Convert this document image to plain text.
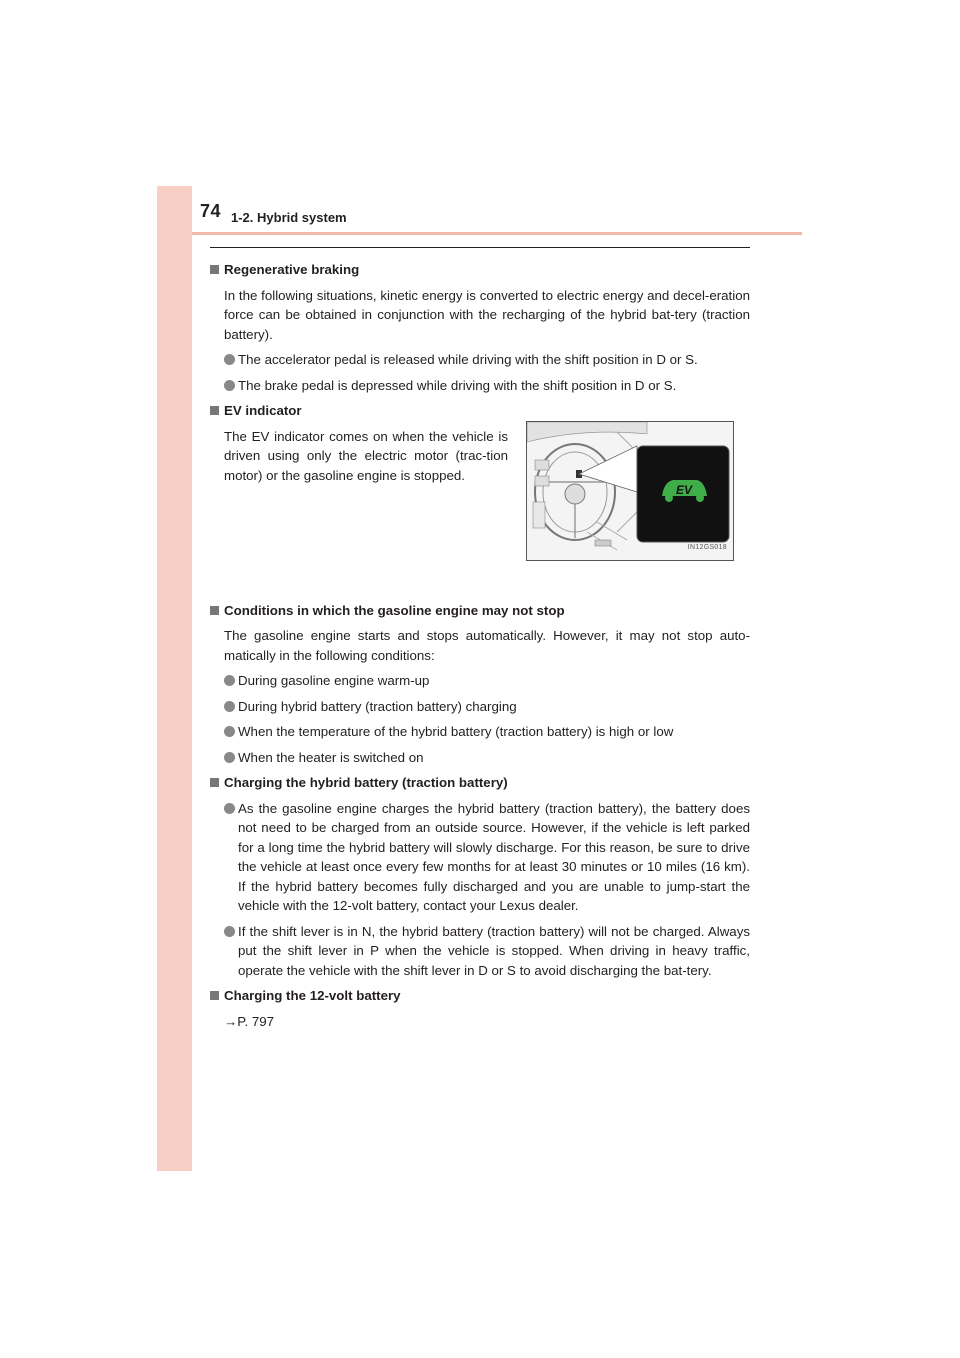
74 1-2. Hybrid system
Regenerative braking
In the following situations, kinetic energy is converted to electric energy and decel-eration force can be obtained in conjunction with the recharging of the hybrid bat-tery (traction battery).
The accelerator pedal is released while driving with the shift position in D or S.
The brake pedal is depressed while driving with the shift position in D or S.
EV indicator
The EV indicator comes on when the vehicle is driven using only the electric motor (trac-tion motor) or the gasoline engine is stopped.
EV
IN12GS018
Conditions in which the gasoline engine may not stop
The gasoline engine starts and stops automatically. However, it may not stop auto-matically in the following conditions:
During gasoline engine warm-up
During hybrid battery (traction battery) charging
When the temperature of the hybrid battery (traction battery) is high or low
When the heater is switched on
Charging the hybrid battery (traction battery)
As the gasoline engine charges the hybrid battery (traction battery), the battery does not need to be charged from an outside source. However, if the vehicle is left parked for a long time the hybrid battery will slowly discharge. For this reason, be sure to drive the vehicle at least once every few months for at least 30 minutes or 10 miles (16 km). If the hybrid battery becomes fully discharged and you are unable to jump-start the vehicle with the 12-volt battery, contact your Lexus dealer.
If the shift lever is in N, the hybrid battery (traction battery) will not be charged. Always put the shift lever in P when the vehicle is stopped. When driving in heavy traffic, operate the vehicle with the shift lever in D or S to avoid discharging the bat-tery.
Charging the 12-volt battery
→P. 797
